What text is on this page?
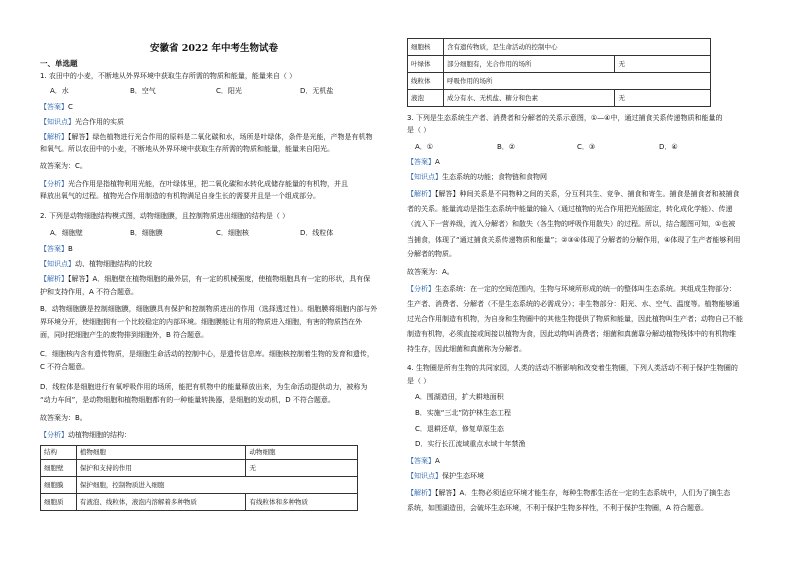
安徽省 2022 年中考生物试卷
一、单选题
1. 农田中的小麦，不断地从外界环境中获取生存所需的物质和能量，能量来自（ ）
A．水	B．空气	C．阳光	D．无机盐
【答案】C
【知识点】光合作用的实质
【解析】【解答】绿色植物进行光合作用的原料是二氧化碳和水，场所是叶绿体，条件是光能，产物是有机物
和氧气。所以农田中的小麦，不断地从外界环境中获取生存所需的物质和能量，能量来自阳光。
故答案为：C。
【分析】光合作用是指植物利用光能，在叶绿体里，把二氧化碳和水转化成储存能量的有机物，并且
释放出氧气的过程。植物光合作用制造的有机物满足自身生长的需要并且是一个组成部分。
2. 下列是动物细胞结构模式图，动物细胞膜，且控制物质进出细胞的结构是（ ）
A．细胞壁	B．细胞膜	C．细胞核	D．线粒体
【答案】B
【知识点】动、植物细胞结构的比较
【解析】【解答】A．细胞壁在植物细胞的最外层，有一定的机械强度，使植物细胞具有一定的形状，具有保
护和支持作用，A 不符合题意。
B．动物细胞膜是控制细胞膜，细胞膜具有保护和控制物质进出的作用（选择透过性）。细胞膜将细胞内部与外
界环境分开，使细胞拥有一个比较稳定的内部环境。细胞膜能让有用的物质进入细胞，有害的物质挡在外
面，同时把细胞产生的废物排到细胞外，B 符合题意。
C．细胞核内含有遗传物质，是细胞生命活动的控制中心，是遗传信息库。细胞核控制着生物的发育和遗传，
C 不符合题意。
D．线粒体是细胞进行有氧呼吸作用的场所，能把有机物中的能量释放出来，为生命活动提供动力，被称为
“动力车间”，是动物细胞和植物细胞都有的一种能量转换器，是细胞的发动机，D 不符合题意。
故答案为：B。
【分析】动植物细胞的结构：
结构	植物细胞	动物细胞
细胞壁	保护和支持的作用	无
细胞膜	保护细胞，控制物质进入细胞	
细胞质	有液泡、线粒体，液泡内溶解着多种物质	有线粒体和多种物质
细胞核	含有遗传物质，是生命活动的控制中心	
叶绿体	部分细胞有，光合作用的场所	无
线粒体	呼吸作用的场所	
液泡	成分有水、无机盐、糖分和色素	无
3. 下列是生态系统生产者、消费者和分解者的关系示意图，①—④中，通过捕食关系传递物质和能量的
是（ ）
A．①	B．②	C．③	D．④
【答案】A
【知识点】生态系统的功能；食物链和食物网
【解析】【解答】种间关系是不同物种之间的关系，分互利共生、竞争、捕食和寄生。捕食是捕食者和被捕食
者的关系。能量流动是指生态系统中能量的输入（通过植物的光合作用把光能固定，转化成化学能）、传递
（流入下一营养级，流入分解者）和散失（各生物的呼吸作用散失）的过程。所以，结合题图可知，①也被
当捕食，体现了“通过捕食关系传递物质和能量”；②③④体现了分解者的分解作用，④体现了生产者能够利用
分解者的物质。
故答案为：A。
【分析】生态系统：在一定的空间范围内，生物与环境所形成的统一的整体叫生态系统。其组成生物部分：
生产者、消费者、分解者（不是生态系统的必需成分）；非生物部分：阳光、水、空气、温度等。植物能够通
过光合作用制造有机物，为自身和生物圈中的其他生物提供了物质和能量，因此植物叫生产者；动物自己不能
制造有机物，必须直接或间接以植物为食，因此动物叫消费者；细菌和真菌靠分解动植物残体中的有机物维
持生存，因此细菌和真菌称为分解者。
4. 生物圈是所有生物的共同家园，人类的活动不断影响和改变着生物圈，下列人类活动不利于保护生物圈的
是（ ）
A．围湖造田，扩大耕地面积
B．实施“三北”防护林生态工程
C．退耕还草，修复草原生态
D．实行长江流域重点水域十年禁渔
【答案】A
【知识点】保护生态环境
【解析】【解答】A．生物必须适应环境才能生存，每种生物都生活在一定的生态系统中，人们为了摘生态
系统，如围湖造田，会破坏生态环境，不利于保护生物多样性，不利于保护生物圈，A 符合题意。
